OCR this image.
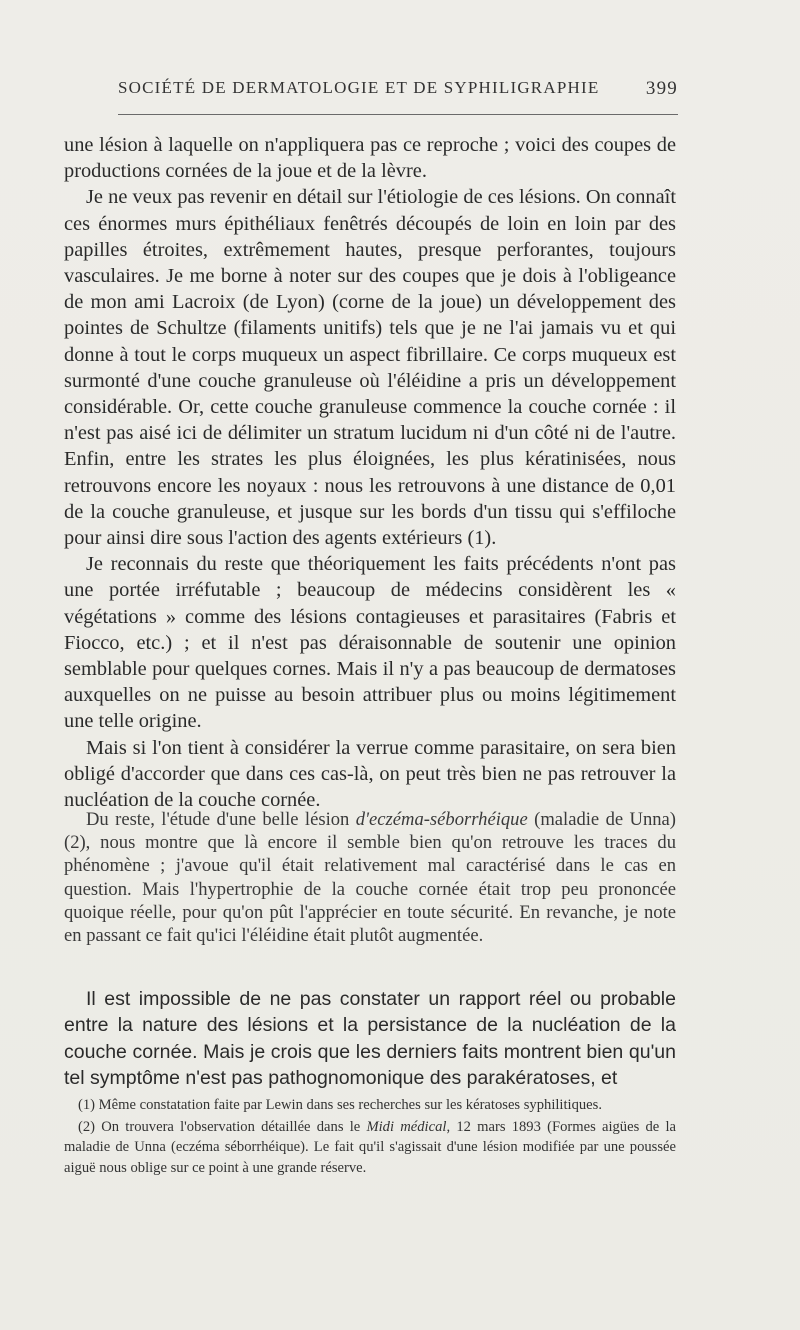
SOCIÉTÉ DE DERMATOLOGIE ET DE SYPHILIGRAPHIE 399

une lésion à laquelle on n'appliquera pas ce reproche ; voici des coupes de productions cornées de la joue et de la lèvre.

Je ne veux pas revenir en détail sur l'étiologie de ces lésions. On connaît ces énormes murs épithéliaux fenêtrés découpés de loin en loin par des papilles étroites, extrêmement hautes, presque perforantes, toujours vasculaires. Je me borne à noter sur des coupes que je dois à l'obligeance de mon ami Lacroix (de Lyon) (corne de la joue) un développement des pointes de Schultze (filaments unitifs) tels que je ne l'ai jamais vu et qui donne à tout le corps muqueux un aspect fibrillaire. Ce corps muqueux est surmonté d'une couche granuleuse où l'éléidine a pris un développement considérable. Or, cette couche granuleuse commence la couche cornée : il n'est pas aisé ici de délimiter un stratum lucidum ni d'un côté ni de l'autre. Enfin, entre les strates les plus éloignées, les plus kératinisées, nous retrouvons encore les noyaux : nous les retrouvons à une distance de 0,01 de la couche granuleuse, et jusque sur les bords d'un tissu qui s'effiloche pour ainsi dire sous l'action des agents extérieurs (1).

Je reconnais du reste que théoriquement les faits précédents n'ont pas une portée irréfutable ; beaucoup de médecins considèrent les « végétations » comme des lésions contagieuses et parasitaires (Fabris et Fiocco, etc.) ; et il n'est pas déraisonnable de soutenir une opinion semblable pour quelques cornes. Mais il n'y a pas beaucoup de dermatoses auxquelles on ne puisse au besoin attribuer plus ou moins légitimement une telle origine.

Mais si l'on tient à considérer la verrue comme parasitaire, on sera bien obligé d'accorder que dans ces cas-là, on peut très bien ne pas retrouver la nucléation de la couche cornée.

Du reste, l'étude d'une belle lésion d'eczéma-séborrhéique (maladie de Unna) (2), nous montre que là encore il semble bien qu'on retrouve les traces du phénomène ; j'avoue qu'il était relativement mal caractérisé dans le cas en question. Mais l'hypertrophie de la couche cornée était trop peu prononcée quoique réelle, pour qu'on pût l'apprécier en toute sécurité. En revanche, je note en passant ce fait qu'ici l'éléidine était plutôt augmentée.

Il est impossible de ne pas constater un rapport réel ou probable entre la nature des lésions et la persistance de la nucléation de la couche cornée. Mais je crois que les derniers faits montrent bien qu'un tel symptôme n'est pas pathognomonique des parakératoses, et

(1) Même constatation faite par Lewin dans ses recherches sur les kératoses syphilitiques.

(2) On trouvera l'observation détaillée dans le Midi médical, 12 mars 1893 (Formes aigües de la maladie de Unna (eczéma séborrhéique). Le fait qu'il s'agissait d'une lésion modifiée par une poussée aiguë nous oblige sur ce point à une grande réserve.
